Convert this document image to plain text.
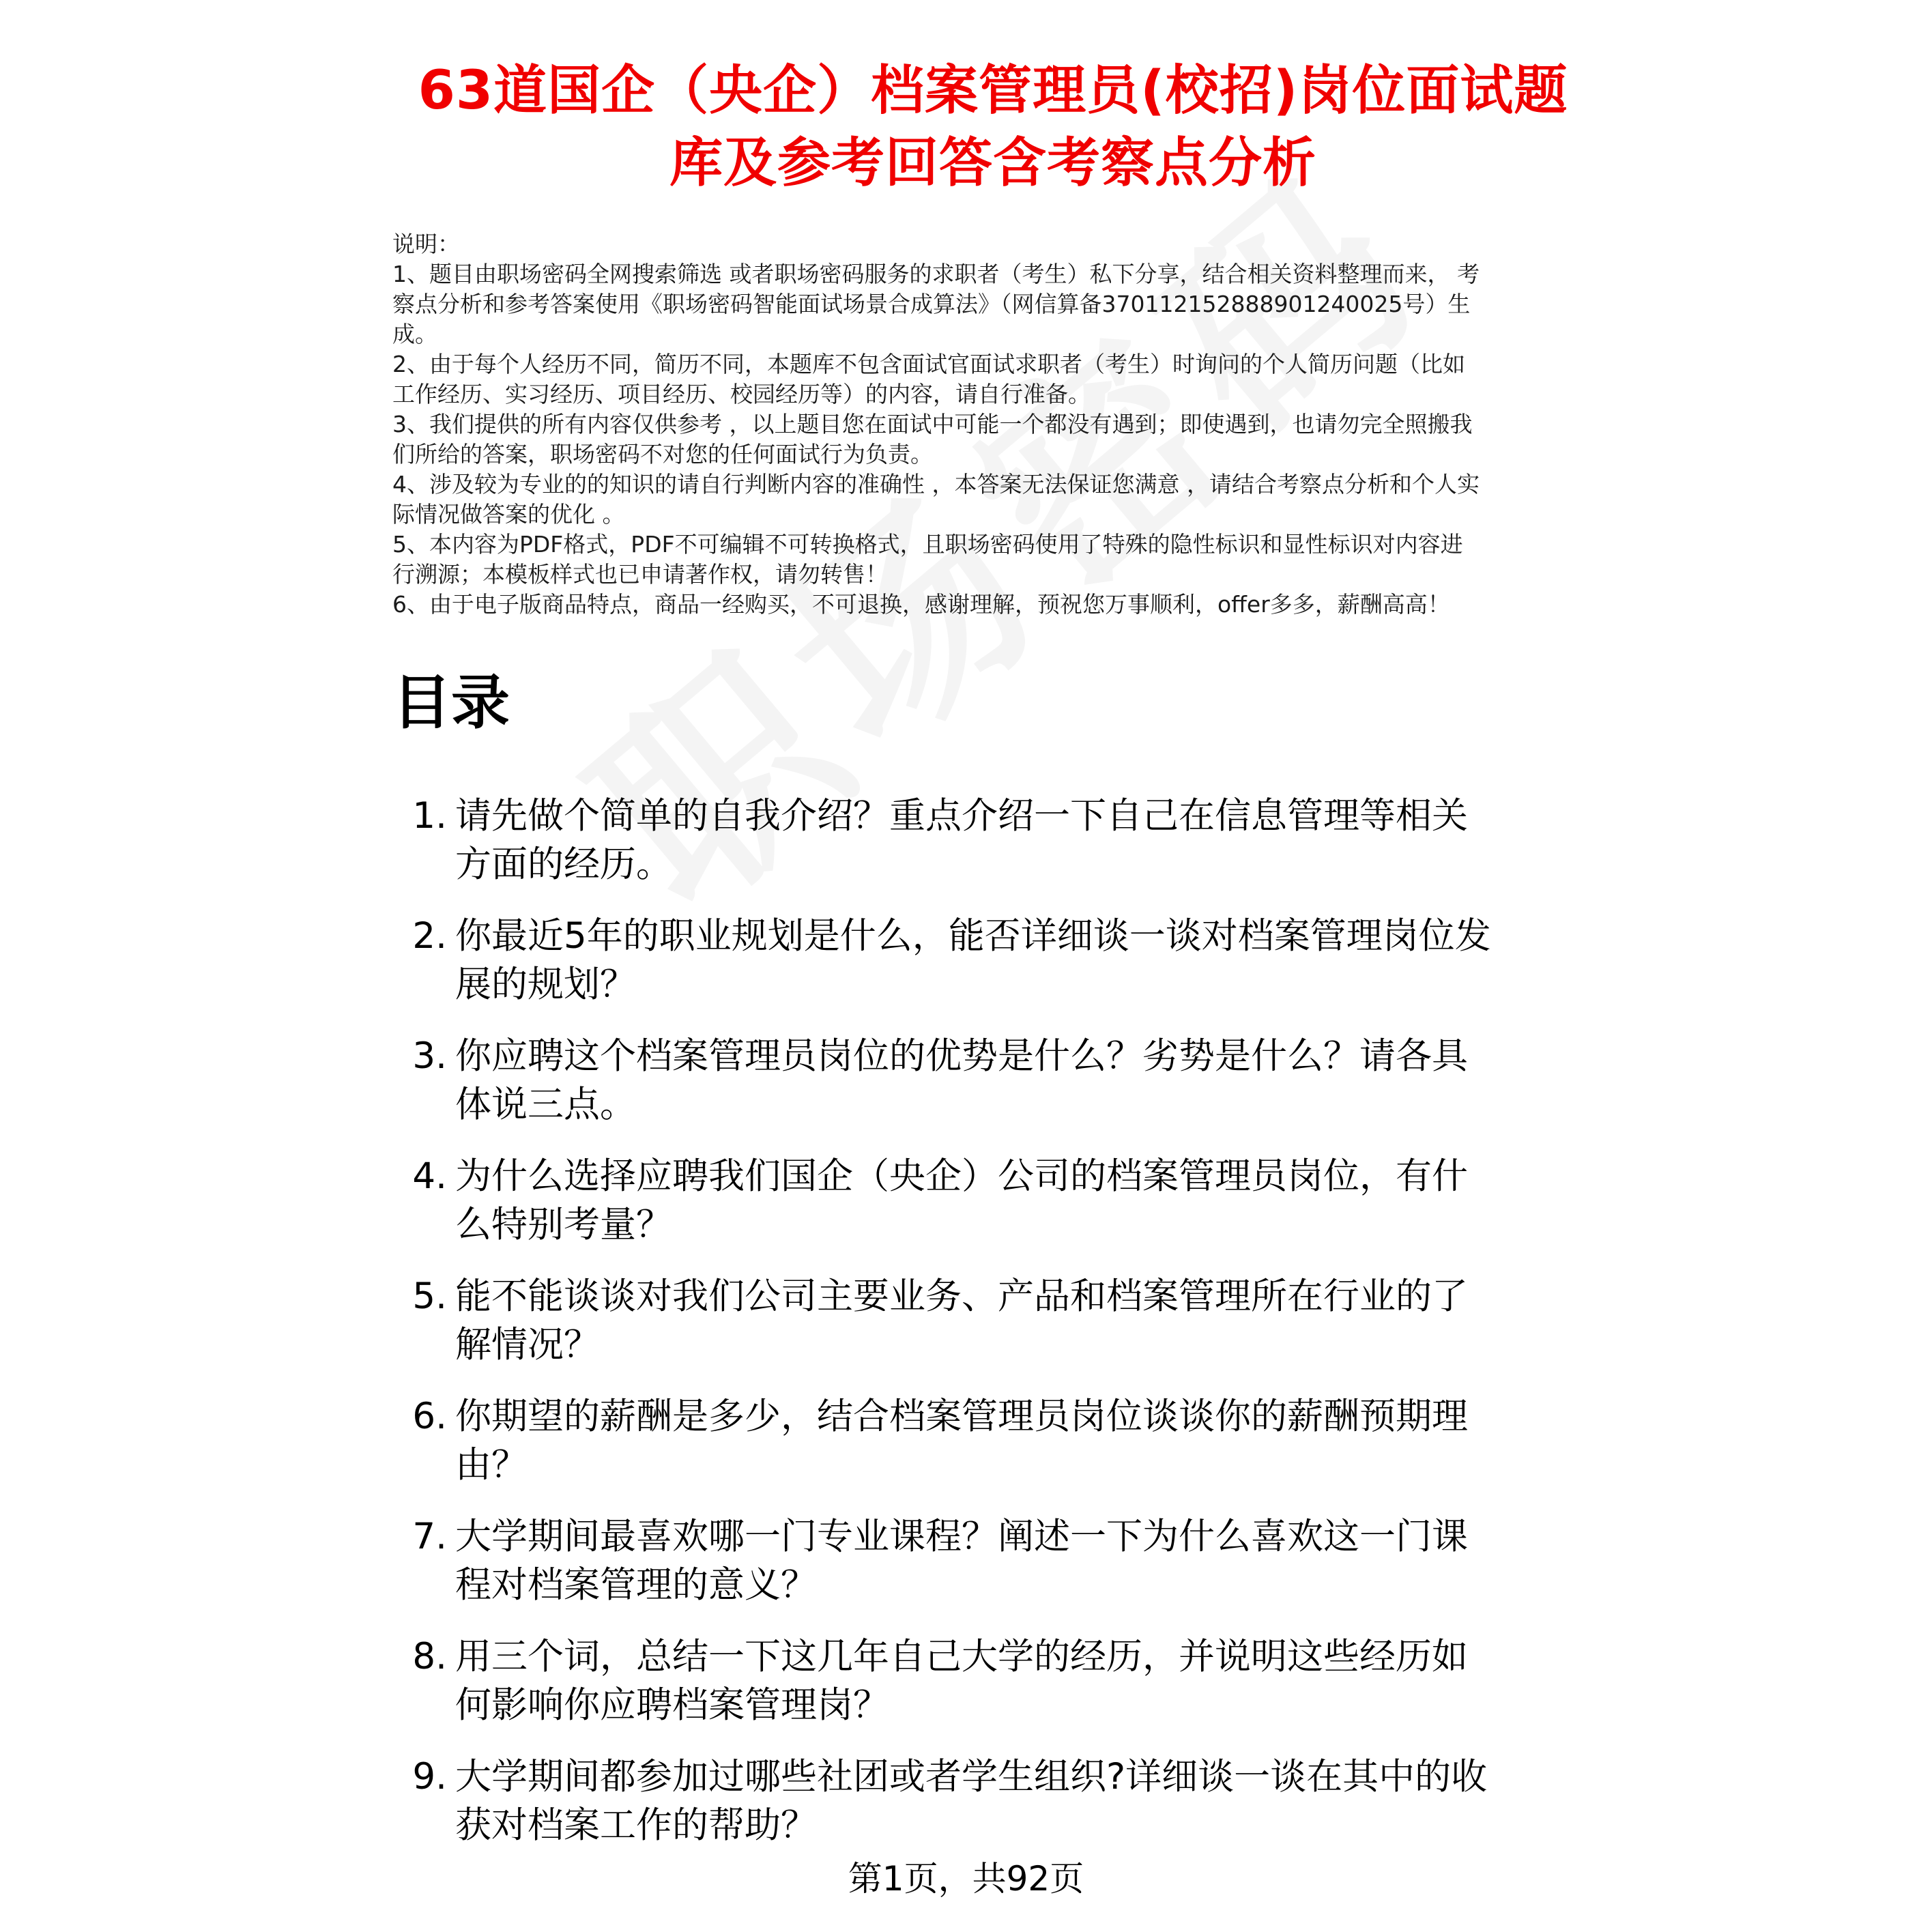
63道国企（央企）档案管理员(校招)岗位面试题
库及参考回答含考察点分析
说明：
1、题目由职场密码全网搜索筛选 或者职场密码服务的求职者（考生）私下分享，结合相关资料整理而来， 考
察点分析和参考答案使用《职场密码智能面试场景合成算法》（网信算备370112152888901240025号）生
成。
2、由于每个人经历不同，简历不同，本题库不包含面试官面试求职者（考生）时询问的个人简历问题（比如
工作经历、实习经历、项目经历、校园经历等）的内容，请自行准备。
3、我们提供的所有内容仅供参考 ，以上题目您在面试中可能一个都没有遇到；即使遇到，也请勿完全照搬我
们所给的答案，职场密码不对您的任何面试行为负责。
4、涉及较为专业的的知识的请自行判断内容的准确性 ，本答案无法保证您满意 ，请结合考察点分析和个人实
际情况做答案的优化 。
5、本内容为PDF格式，PDF不可编辑不可转换格式，且职场密码使用了特殊的隐性标识和显性标识对内容进
行溯源；本模板样式也已申请著作权，请勿转售！
6、由于电子版商品特点，商品一经购买，不可退换，感谢理解，预祝您万事顺利，offer多多，薪酬高高！
目录
1. 请先做个简单的自我介绍？重点介绍一下自己在信息管理等相关
方面的经历。
2. 你最近5年的职业规划是什么，能否详细谈一谈对档案管理岗位发
展的规划？
3. 你应聘这个档案管理员岗位的优势是什么？劣势是什么？请各具
体说三点。
4. 为什么选择应聘我们国企（央企）公司的档案管理员岗位，有什
么特别考量？
5. 能不能谈谈对我们公司主要业务、产品和档案管理所在行业的了
解情况？
6. 你期望的薪酬是多少，结合档案管理员岗位谈谈你的薪酬预期理
由？
7. 大学期间最喜欢哪一门专业课程？阐述一下为什么喜欢这一门课
程对档案管理的意义？
8. 用三个词，总结一下这几年自己大学的经历，并说明这些经历如
何影响你应聘档案管理岗？
9. 大学期间都参加过哪些社团或者学生组织?详细谈一谈在其中的收
获对档案工作的帮助？
第1页，共92页
